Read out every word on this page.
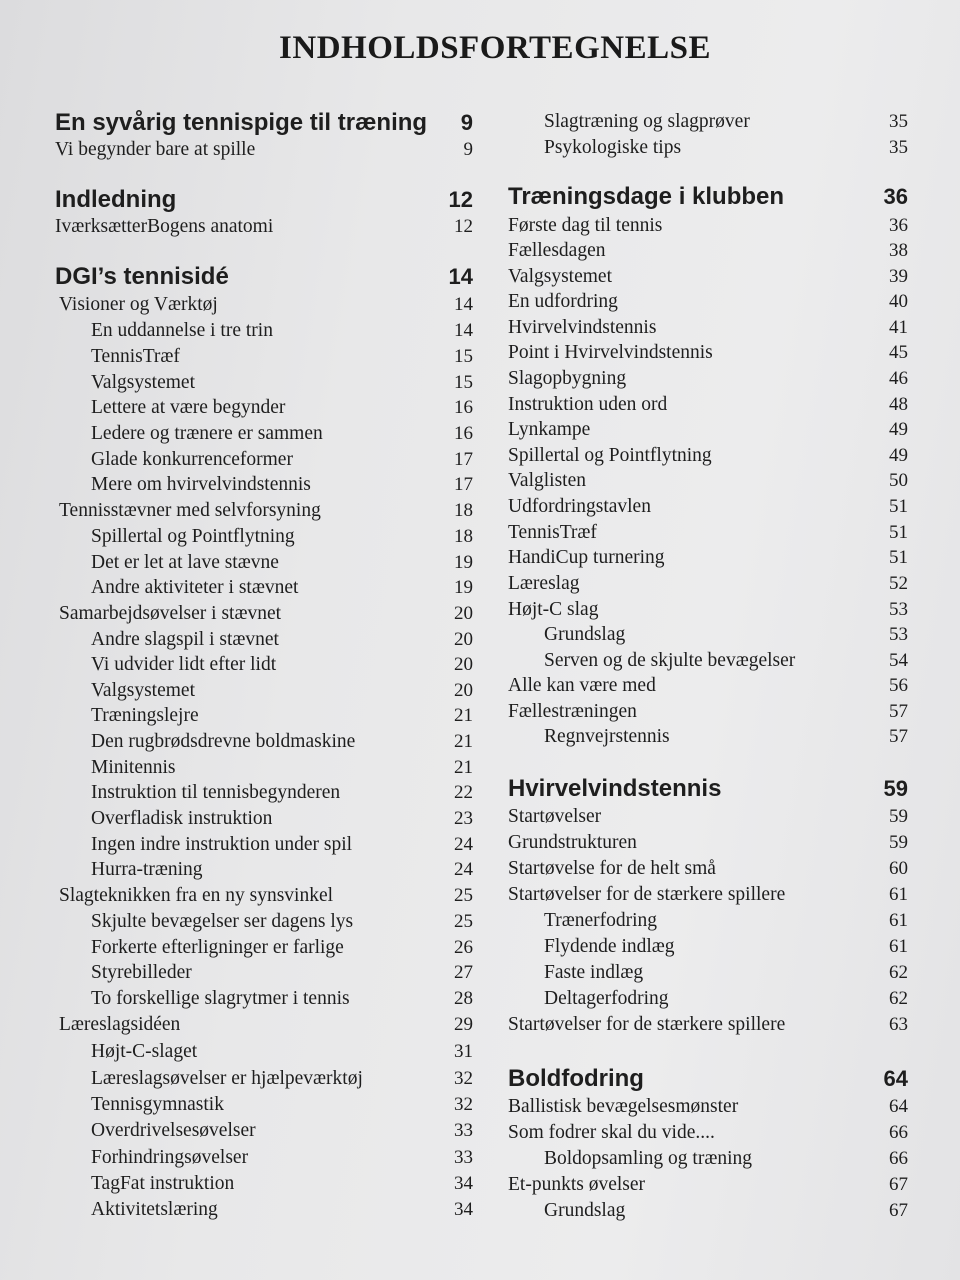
INDHOLDSFORTEGNELSE
En syvårig tennispige til træning 9
Vi begynder bare at spille	9
Indledning	12
IværksætterBogens anatomi	12
DGI’s tennisidé	14
Visioner og Værktøj	14
En uddannelse i tre trin	14
TennisTræf	15
Valgsystemet	15
Lettere at være begynder	16
Ledere og trænere er sammen	16
Glade konkurrenceformer	17
Mere om hvirvelvindstennis	17
Tennisstævner med selvforsyning	18
Spillertal og Pointflytning	18
Det er let at lave stævne	19
Andre aktiviteter i stævnet	19
Samarbejdsøvelser i stævnet	20
Andre slagspil i stævnet	20
Vi udvider lidt efter lidt	20
Valgsystemet	20
Træningslejre	21
Den rugbrødsdrevne boldmaskine	21
Minitennis	21
Instruktion til tennisbegynderen	22
Overfladisk instruktion	23
Ingen indre instruktion under spil	24
Hurra-træning	24
Slagteknikken fra en ny synsvinkel	25
Skjulte bevægelser ser dagens lys	25
Forkerte efterligninger er farlige	26
Styrebilleder	27
To forskellige slagrytmer i tennis	28
Læreslagsidéen	29
Højt-C-slaget	31
Læreslagsøvelser er hjælpeværktøj	32
Tennisgymnastik	32
Overdrivelsesøvelser	33
Forhindringsøvelser	33
TagFat instruktion	34
Aktivitetslæring	34
Slagtræning og slagprøver	35
Psykologiske tips	35
Træningsdage i klubben	36
Første dag til tennis	36
Fællesdagen	38
Valgsystemet	39
En udfordring	40
Hvirvelvindstennis	41
Point i Hvirvelvindstennis	45
Slagopbygning	46
Instruktion uden ord	48
Lynkampe	49
Spillertal og Pointflytning	49
Valglisten	50
Udfordringstavlen	51
TennisTræf	51
HandiCup turnering	51
Læreslag	52
Højt-C slag	53
Grundslag	53
Serven og de skjulte bevægelser	54
Alle kan være med	56
Fællestræningen	57
Regnvejrstennis	57
Hvirvelvindstennis	59
Startøvelser	59
Grundstrukturen	59
Startøvelse for de helt små	60
Startøvelser for de stærkere spillere	61
Trænerfodring	61
Flydende indlæg	61
Faste indlæg	62
Deltagerfodring	62
Startøvelser for de stærkere spillere	63
Boldfodring	64
Ballistisk bevægelsesmønster	64
Som fodrer skal du vide....	66
Boldopsamling og træning	66
Et-punkts øvelser	67
Grundslag	67
